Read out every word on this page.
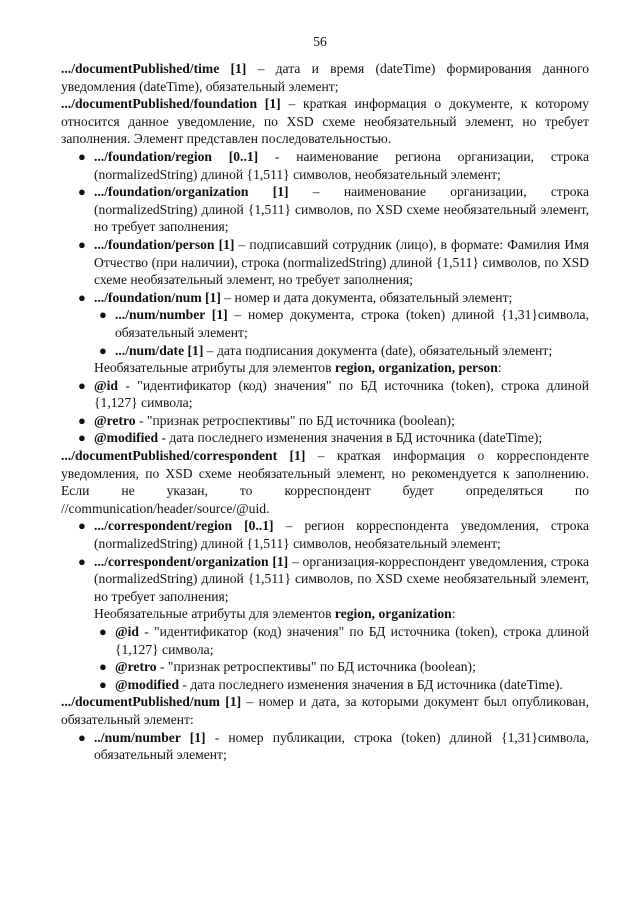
56

.../documentPublished/time [1] – дата и время (dateTime) формирования данного уведомления (dateTime), обязательный элемент;

.../documentPublished/foundation [1] – краткая информация о документе, к которому относится данное уведомление, по XSD схеме необязательный элемент, но требует заполнения. Элемент представлен последовательностью.

● .../foundation/region [0..1] - наименование региона организации, строка (normalizedString) длиной {1,511} символов, необязательный элемент;
● .../foundation/organization [1] – наименование организации, строка (normalizedString) длиной {1,511} символов, по XSD схеме необязательный элемент, но требует заполнения;
● .../foundation/person [1] – подписавший сотрудник (лицо), в формате: Фамилия Имя Отчество (при наличии), строка (normalizedString) длиной {1,511} символов, по XSD схеме необязательный элемент, но требует заполнения;
● .../foundation/num [1] – номер и дата документа, обязательный элемент;
● .../num/number [1] – номер документа, строка (token) длиной {1,31}символа, обязательный элемент;
● .../num/date [1] – дата подписания документа (date), обязательный элемент;
Необязательные атрибуты для элементов region, organization, person:
● @id - "идентификатор (код) значения" по БД источника (token), строка длиной {1,127} символа;
● @retro - "признак ретроспективы" по БД источника (boolean);
● @modified - дата последнего изменения значения в БД источника (dateTime);

.../documentPublished/correspondent [1] – краткая информация о корреспонденте уведомления, по XSD схеме необязательный элемент, но рекомендуется к заполнению. Если не указан, то корреспондент будет определяться по //communication/header/source/@uid.

● .../correspondent/region [0..1] – регион корреспондента уведомления, строка (normalizedString) длиной {1,511} символов, необязательный элемент;
● .../correspondent/organization [1] – организация-корреспондент уведомления, строка (normalizedString) длиной {1,511} символов, по XSD схеме необязательный элемент, но требует заполнения;
Необязательные атрибуты для элементов region, organization:
● @id - "идентификатор (код) значения" по БД источника (token), строка длиной {1,127} символа;
● @retro - "признак ретроспективы" по БД источника (boolean);
● @modified - дата последнего изменения значения в БД источника (dateTime).

.../documentPublished/num [1] – номер и дата, за которыми документ был опубликован, обязательный элемент:

● ../num/number [1] - номер публикации, строка (token) длиной {1,31}символа, обязательный элемент;
